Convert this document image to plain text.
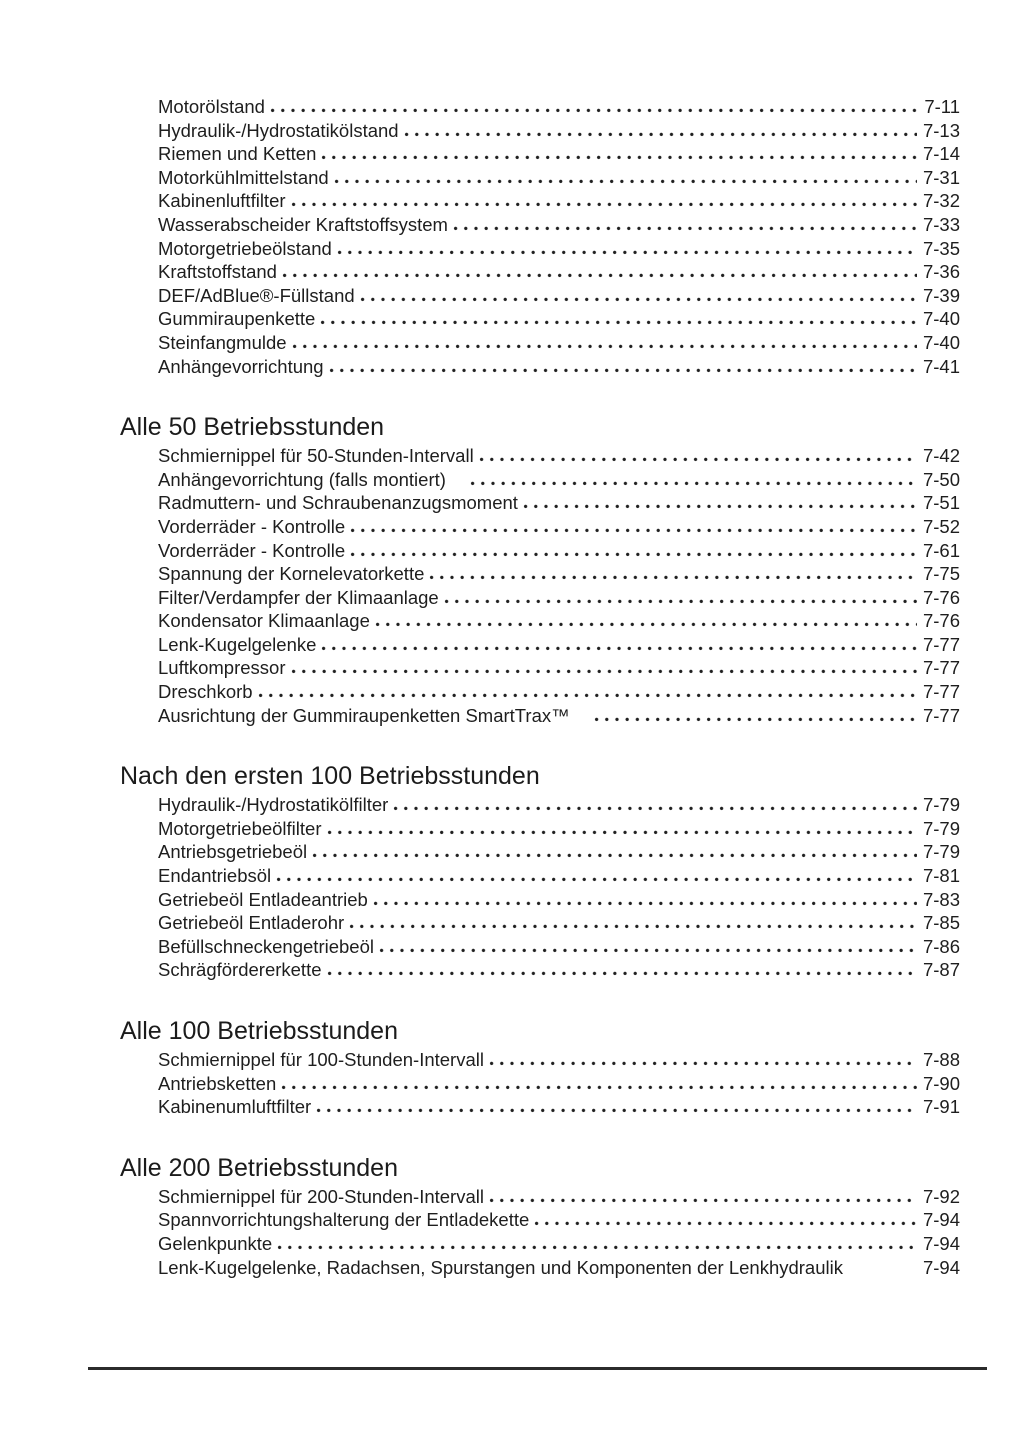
Motorölstand	7-11
Hydraulik-/Hydrostatikölstand	7-13
Riemen und Ketten	7-14
Motorkühlmittelstand	7-31
Kabinenluftfilter	7-32
Wasserabscheider Kraftstoffsystem	7-33
Motorgetriebeölstand	7-35
Kraftstoffstand	7-36
DEF/AdBlue®-Füllstand	7-39
Gummiraupenkette	7-40
Steinfangmulde	7-40
Anhängevorrichtung	7-41
Alle 50 Betriebsstunden
Schmiernippel für 50-Stunden-Intervall	7-42
Anhängevorrichtung (falls montiert)	7-50
Radmuttern- und Schraubenanzugsmoment	7-51
Vorderräder - Kontrolle	7-52
Vorderräder - Kontrolle	7-61
Spannung der Kornelevatorkette	7-75
Filter/Verdampfer der Klimaanlage	7-76
Kondensator Klimaanlage	7-76
Lenk-Kugelgelenke	7-77
Luftkompressor	7-77
Dreschkorb	7-77
Ausrichtung der Gummiraupenketten SmartTrax™	7-77
Nach den ersten 100 Betriebsstunden
Hydraulik-/Hydrostatikölfilter	7-79
Motorgetriebeölfilter	7-79
Antriebsgetriebeöl	7-79
Endantriebsöl	7-81
Getriebeöl Entladeantrieb	7-83
Getriebeöl Entladerohr	7-85
Befüllschneckengetriebeöl	7-86
Schrägfördererkette	7-87
Alle 100 Betriebsstunden
Schmiernippel für 100-Stunden-Intervall	7-88
Antriebsketten	7-90
Kabinenumluftfilter	7-91
Alle 200 Betriebsstunden
Schmiernippel für 200-Stunden-Intervall	7-92
Spannvorrichtungshalterung der Entladekette	7-94
Gelenkpunkte	7-94
Lenk-Kugelgelenke, Radachsen, Spurstangen und Komponenten der Lenkhydraulik	7-94
